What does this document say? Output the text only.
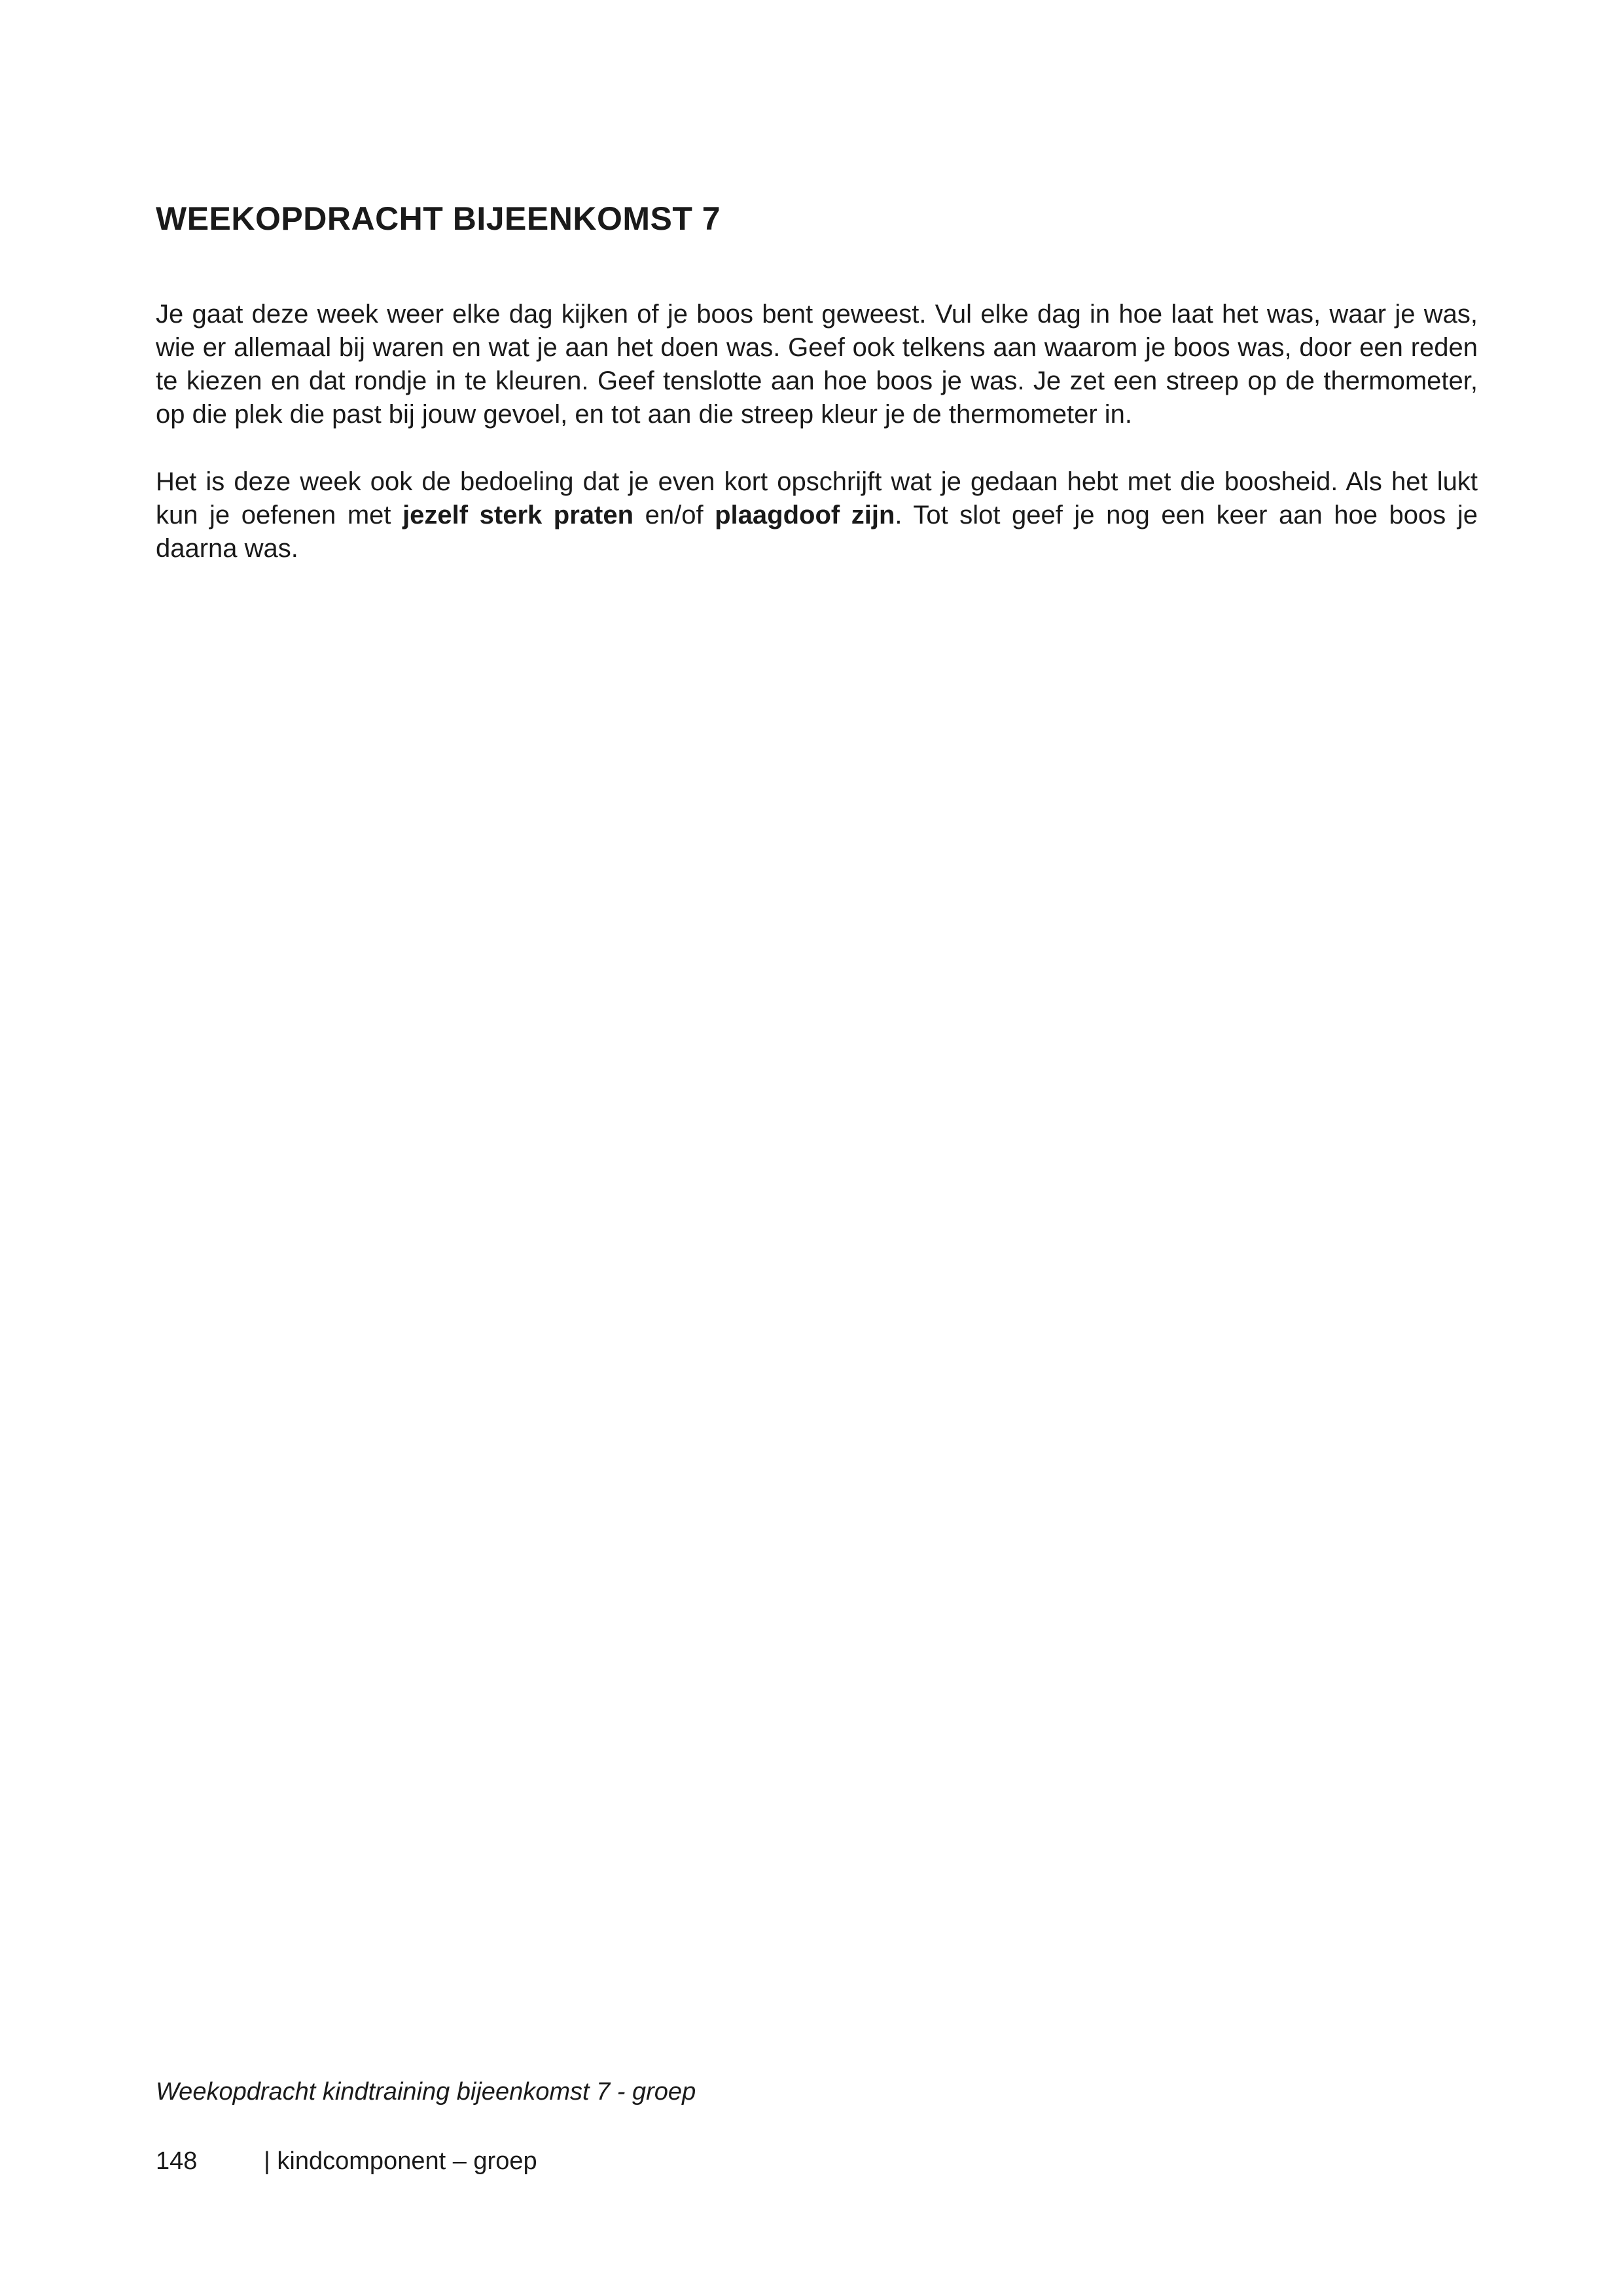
WEEKOPDRACHT BIJEENKOMST 7

Je gaat deze week weer elke dag kijken of je boos bent geweest. Vul elke dag in hoe laat het was, waar je was, wie er allemaal bij waren en wat je aan het doen was. Geef ook telkens aan waarom je boos was, door een reden te kiezen en dat rondje in te kleuren. Geef tenslotte aan hoe boos je was. Je zet een streep op de thermometer, op die plek die past bij jouw gevoel, en tot aan die streep kleur je de thermometer in.

Het is deze week ook de bedoeling dat je even kort opschrijft wat je gedaan hebt met die boosheid. Als het lukt kun je oefenen met jezelf sterk praten en/of plaagdoof zijn. Tot slot geef je nog een keer aan hoe boos je daarna was.

Weekopdracht kindtraining bijeenkomst 7 - groep
148	| kindcomponent – groep
